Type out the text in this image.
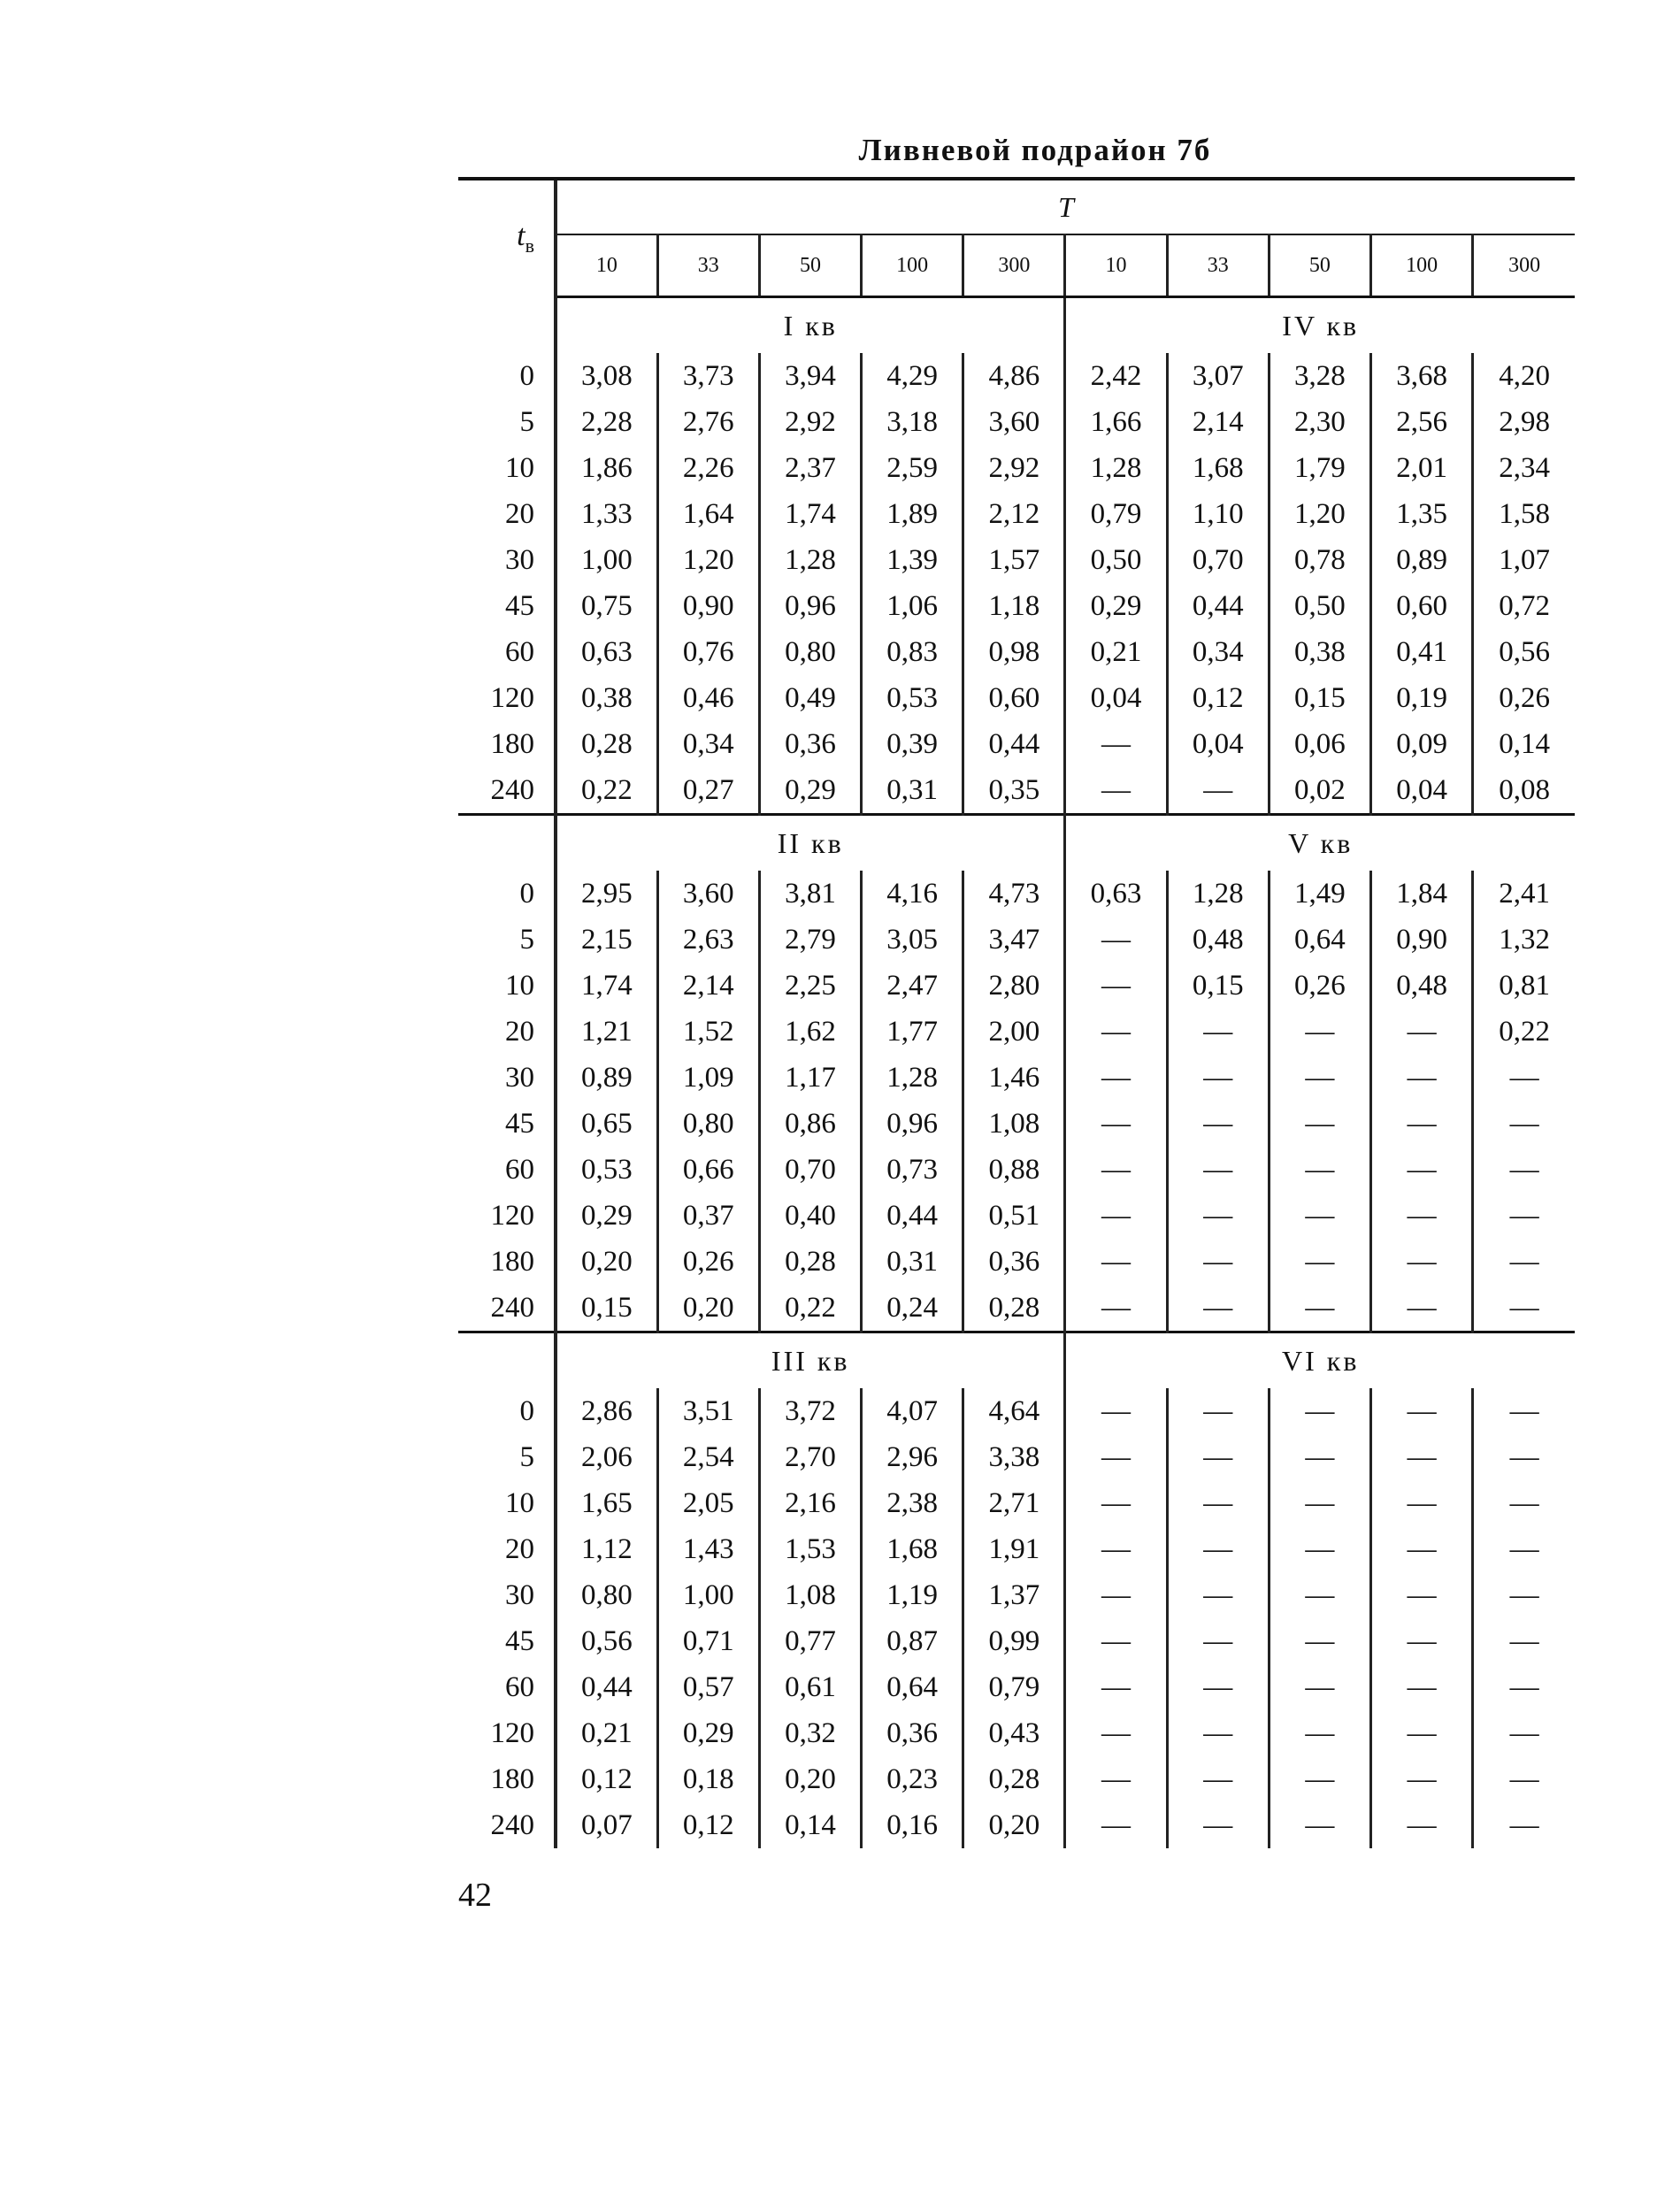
Ливневой подрайон 7б
$t_в$	T									
	10	33	50	100	300	10	33	50	100	300
	I кв					IV кв				
0	3,08	3,73	3,94	4,29	4,86	2,42	3,07	3,28	3,68	4,20
5	2,28	2,76	2,92	3,18	3,60	1,66	2,14	2,30	2,56	2,98
10	1,86	2,26	2,37	2,59	2,92	1,28	1,68	1,79	2,01	2,34
20	1,33	1,64	1,74	1,89	2,12	0,79	1,10	1,20	1,35	1,58
30	1,00	1,20	1,28	1,39	1,57	0,50	0,70	0,78	0,89	1,07
45	0,75	0,90	0,96	1,06	1,18	0,29	0,44	0,50	0,60	0,72
60	0,63	0,76	0,80	0,83	0,98	0,21	0,34	0,38	0,41	0,56
120	0,38	0,46	0,49	0,53	0,60	0,04	0,12	0,15	0,19	0,26
180	0,28	0,34	0,36	0,39	0,44	—	0,04	0,06	0,09	0,14
240	0,22	0,27	0,29	0,31	0,35	—	—	0,02	0,04	0,08
	II кв					V кв				
0	2,95	3,60	3,81	4,16	4,73	0,63	1,28	1,49	1,84	2,41
5	2,15	2,63	2,79	3,05	3,47	—	0,48	0,64	0,90	1,32
10	1,74	2,14	2,25	2,47	2,80	—	0,15	0,26	0,48	0,81
20	1,21	1,52	1,62	1,77	2,00	—	—	—	—	0,22
30	0,89	1,09	1,17	1,28	1,46	—	—	—	—	—
45	0,65	0,80	0,86	0,96	1,08	—	—	—	—	—
60	0,53	0,66	0,70	0,73	0,88	—	—	—	—	—
120	0,29	0,37	0,40	0,44	0,51	—	—	—	—	—
180	0,20	0,26	0,28	0,31	0,36	—	—	—	—	—
240	0,15	0,20	0,22	0,24	0,28	—	—	—	—	—
	III кв					VI кв				
0	2,86	3,51	3,72	4,07	4,64	—	—	—	—	—
5	2,06	2,54	2,70	2,96	3,38	—	—	—	—	—
10	1,65	2,05	2,16	2,38	2,71	—	—	—	—	—
20	1,12	1,43	1,53	1,68	1,91	—	—	—	—	—
30	0,80	1,00	1,08	1,19	1,37	—	—	—	—	—
45	0,56	0,71	0,77	0,87	0,99	—	—	—	—	—
60	0,44	0,57	0,61	0,64	0,79	—	—	—	—	—
120	0,21	0,29	0,32	0,36	0,43	—	—	—	—	—
180	0,12	0,18	0,20	0,23	0,28	—	—	—	—	—
240	0,07	0,12	0,14	0,16	0,20	—	—	—	—	—
42
